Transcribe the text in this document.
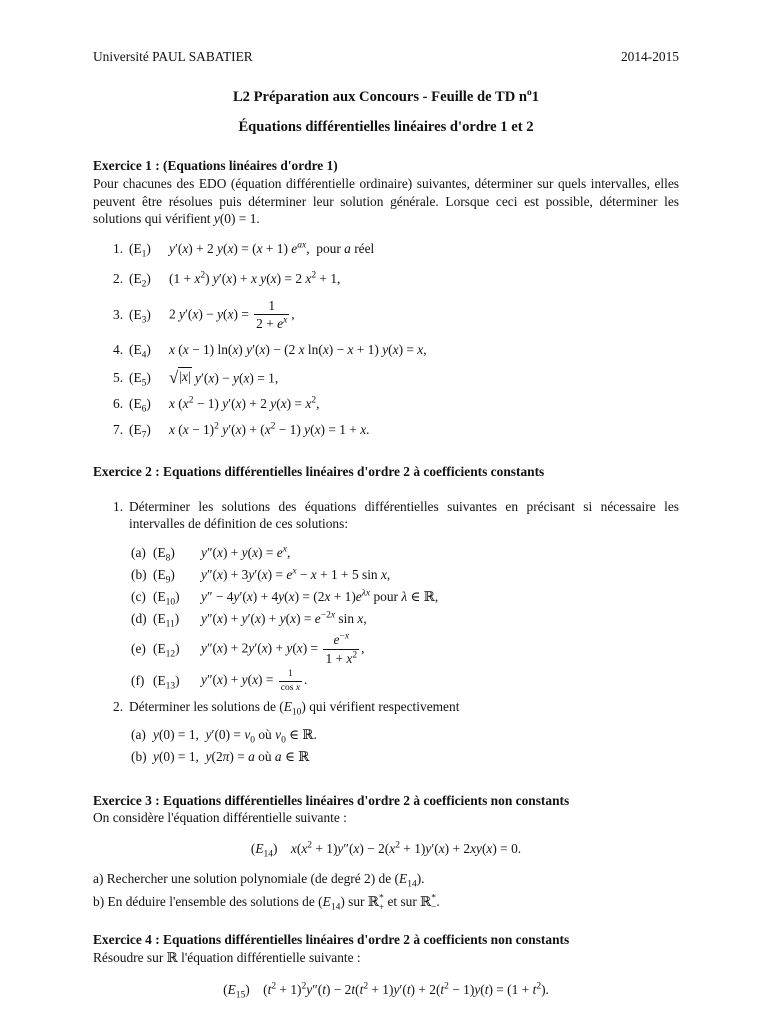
Université PAUL SABATIER	2014-2015
L2 Préparation aux Concours - Feuille de TD $n^o1$
Équations différentielles linéaires d'ordre 1 et 2

Exercice 1 : (Equations linéaires d'ordre 1)

Pour chacunes des EDO (équation différentielle ordinaire) suivantes, déterminer sur quels intervalles, elles peuvent être résolues puis déterminer leur solution générale. Lorsque ceci est possible, déterminer les solutions qui vérifient y(0) = 1.

1. $(E_1)$	y′(x) + 2 y(x) = (x + 1) $e^{ax}$,  pour a réel
2. $(E_2)$	$(1 + x^2)$ y′(x) + x y(x) = 2 $x^2 + 1$,
3. $(E_3)$	2 $y'(x) - y(x) = \frac{1}{2 + e^x}$ ,
4. $(E_4)$	x (x − 1) ln(x) y′(x) − (2 x ln(x) − x + 1) y(x) = x,
5. $(E_5)$	√ |x| y′(x) − y(x) = 1,
6. $(E_6)$	x $(x^2 - 1) y'(x) + 2$ $y(x) = x^2$,
7. $(E_7)$	x $(x - 1)^2$ $y'(x) + (x^2 - 1) y(x) = 1 + x$.

Exercice 2 : Equations différentielles linéaires d'ordre 2 à coefficients constants

1. Déterminer les solutions des équations différentielles suivantes en précisant si nécessaire les intervalles de définition de ces solutions:
(a) $(E_8)$	$y''(x) + y(x) = e^x$,
(b) $(E_9)$	$y''(x) + 3y'(x) = e^x - x + 1 + 5$ sin x,
(c) $(E_{10})$	$y'' - 4y'(x) + 4y(x) = (2x + 1)e^{\lambda x}$ pour λ ∈ ℝ,
(d) $(E_{11})$	$y''(x) + y'(x) + y(x) = e^{-2x}$ sin x,
(e) $(E_{12})$	$y''(x) + 2y'(x) + y(x) = \frac{e^{-x}}{1 + x^2}$ ,
(f) $(E_{13})$	$y''(x) + y(x) = \frac{1}{\text{cos x}}$ .
2. Déterminer les solutions de $(E_{10})$ qui vérifient respectivement
(a) y(0) = 1,  $y'(0) = v_0$ où $v_0$ ∈ ℝ.
(b) y(0) = 1,  y(2π) = a où a ∈ ℝ

Exercice 3 : Equations différentielles linéaires d'ordre 2 à coefficients non constants

On considère l'équation différentielle suivante :

$(E_{14})$    $x(x^2 + 1)y''(x) - 2(x^2 + 1)y'(x) + 2xy(x) = 0$.

a) Rechercher une solution polynomiale (de degré 2) de $(E_{14})$.

b) En déduire l'ensemble des solutions de $(E_{14})$ sur ℝ*$_+$ et sur ℝ*$_-$.

Exercice 4 : Equations différentielles linéaires d'ordre 2 à coefficients non constants

Résoudre sur ℝ l'équation différentielle suivante :

$(E_{15})$    $(t^2 + 1)^2y''(t) - 2t(t^2 + 1)y'(t) + 2(t^2 - 1)y(t) = (1 + t^2)$.
